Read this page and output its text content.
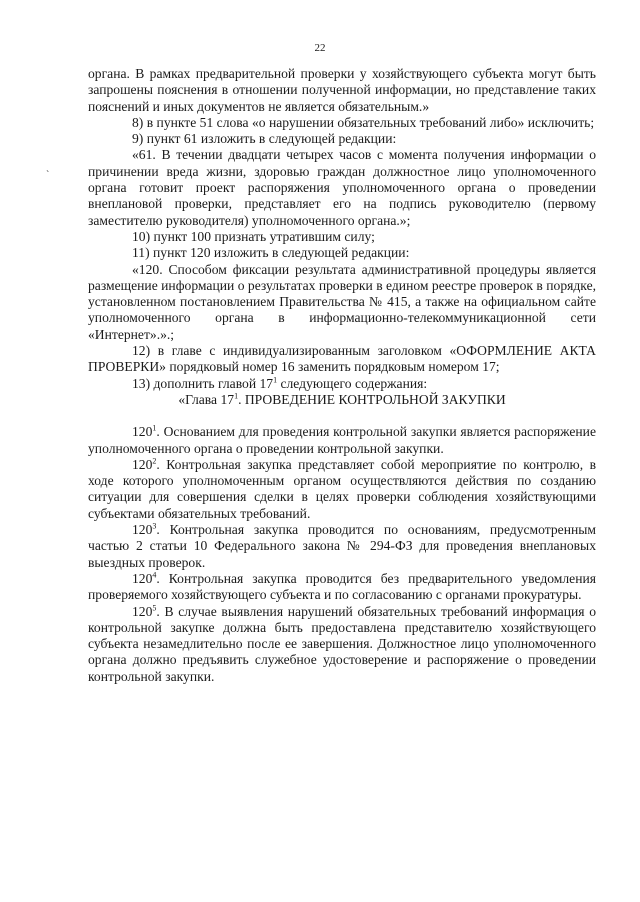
22
`

органа. В рамках предварительной проверки у хозяйствующего субъекта могут быть запрошены пояснения в отношении полученной информации, но представление таких пояснений и иных документов не является обязательным.»

8) в пункте 51 слова «о нарушении обязательных требований либо» исключить;

9) пункт 61 изложить в следующей редакции:

«61. В течении двадцати четырех часов с момента получения информации о причинении вреда жизни, здоровью граждан должностное лицо уполномоченного органа готовит проект распоряжения уполномоченного органа о проведении внеплановой проверки, представляет его на подпись руководителю (первому заместителю руководителя) уполномоченного органа.»;

10) пункт 100 признать утратившим силу;

11) пункт 120 изложить в следующей редакции:

«120. Способом фиксации результата административной процедуры является размещение информации о результатах проверки в едином реестре проверок в порядке, установленном постановлением Правительства № 415, а также на официальном сайте уполномоченного органа в информационно-телекоммуникационной сети «Интернет».».;

12) в главе с индивидуализированным заголовком «ОФОРМЛЕНИЕ АКТА ПРОВЕРКИ» порядковый номер 16 заменить порядковым номером 17;

13) дополнить главой $17^1$ следующего содержания:

«Глава $17^1$. ПРОВЕДЕНИЕ КОНТРОЛЬНОЙ ЗАКУПКИ

$120^1$. Основанием для проведения контрольной закупки является распоряжение уполномоченного органа о проведении контрольной закупки.

$120^2$. Контрольная закупка представляет собой мероприятие по контролю, в ходе которого уполномоченным органом осуществляются действия по созданию ситуации для совершения сделки в целях проверки соблюдения хозяйствующими субъектами обязательных требований.

$120^3$. Контрольная закупка проводится по основаниям, предусмотренным частью 2 статьи 10 Федерального закона № 294-ФЗ для проведения внеплановых выездных проверок.

$120^4$. Контрольная закупка проводится без предварительного уведомления проверяемого хозяйствующего субъекта и по согласованию с органами прокуратуры.

$120^5$. В случае выявления нарушений обязательных требований информация о контрольной закупке должна быть предоставлена представителю хозяйствующего субъекта незамедлительно после ее завершения. Должностное лицо уполномоченного органа должно предъявить служебное удостоверение и распоряжение о проведении контрольной закупки.
